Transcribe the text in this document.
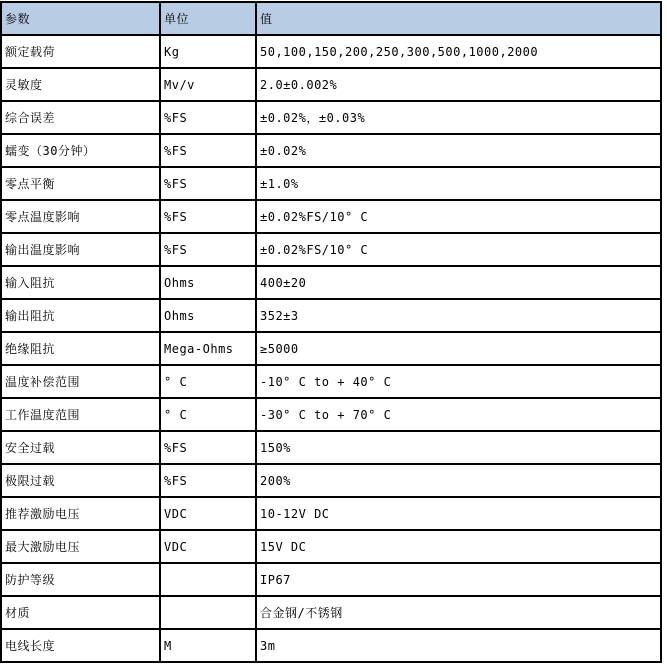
参数	单位	值
额定载荷	Kg	50,100,150,200,250,300,500,1000,2000
灵敏度	Mv/v	2.0±0.002%
综合误差	%FS	±0.02%，±0.03%
蠕变（30分钟）	%FS	±0.02%
零点平衡	%FS	±1.0%
零点温度影响	%FS	±0.02%FS/10° C
输出温度影响	%FS	±0.02%FS/10° C
输入阻抗	Ohms	400±20
输出阻抗	Ohms	352±3
绝缘阻抗	Mega-Ohms	≥5000
温度补偿范围	° C	-10° C to + 40° C
工作温度范围	° C	-30° C to + 70° C
安全过载	%FS	150%
极限过载	%FS	200%
推荐激励电压	VDC	10-12V DC
最大激励电压	VDC	15V DC
防护等级		IP67
材质		合金钢/不锈钢
电线长度	M	3m
